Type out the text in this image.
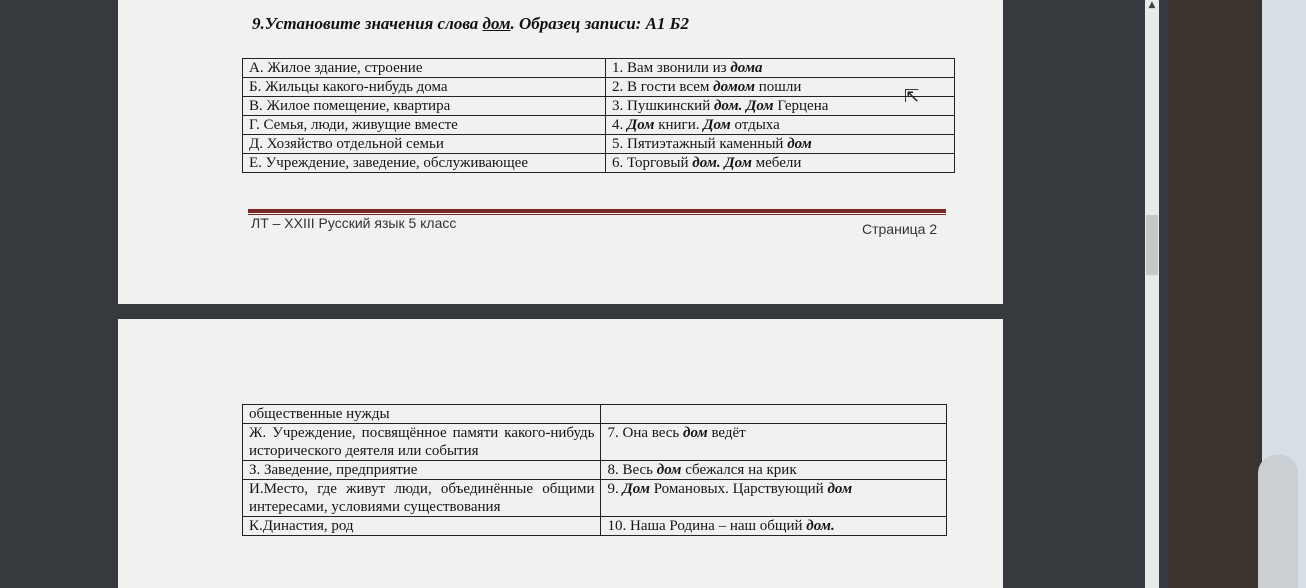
▲
9.Установите значения слова дом. Образец записи: А1 Б2
А. Жилое здание, строение	1. Вам звонили из дома
Б. Жильцы какого-нибудь дома	2. В гости всем домом пошли
В. Жилое помещение, квартира	3. Пушкинский дом. Дом Герцена
Г. Семья, люди, живущие вместе	4. Дом книги. Дом отдыха
Д. Хозяйство отдельной семьи	5. Пятиэтажный каменный дом
Е. Учреждение, заведение, обслуживающее	6. Торговый дом. Дом мебели
⇱
ЛТ – XXIII Русский язык 5 класс	Страница 2
общественные нужды	
Ж. Учреждение, посвящённое памяти какого-нибудь исторического деятеля или события	7. Она весь дом ведёт
З. Заведение, предприятие	8. Весь дом сбежался на крик
И.Место, где живут люди, объединённые общими интересами, условиями существования	9. Дом Романовых. Царствующий дом
К.Династия, род	10. Наша Родина – наш общий дом.
